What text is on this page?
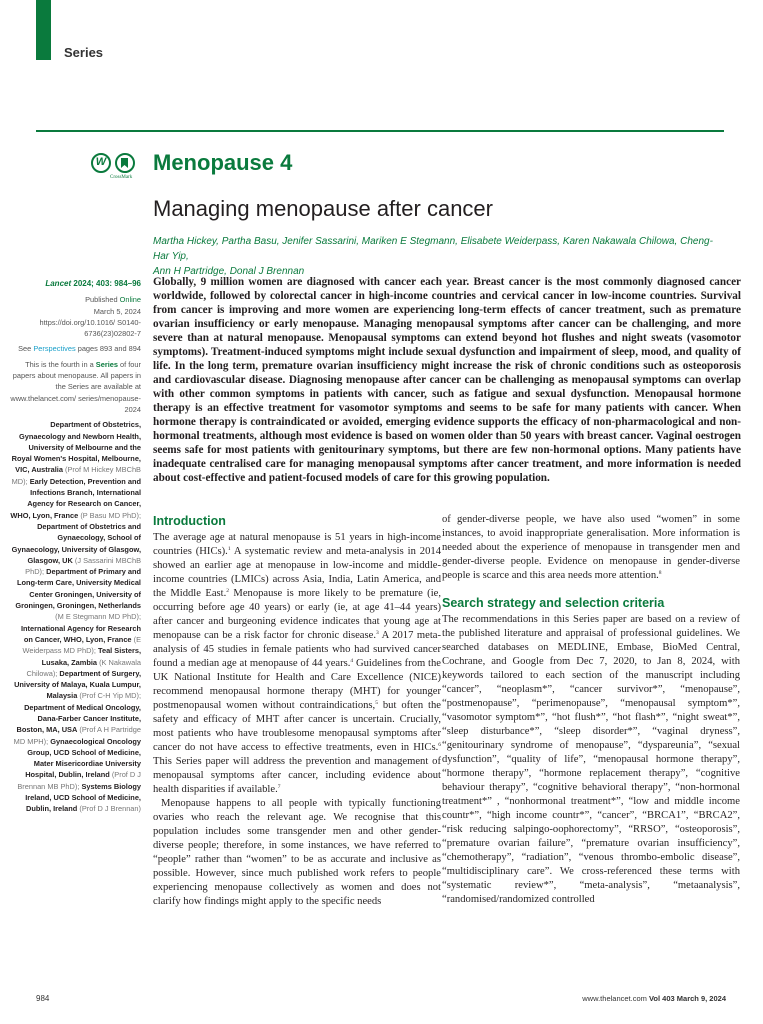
Series
W
CrossMark
Menopause 4
Managing menopause after cancer
Martha Hickey, Partha Basu, Jenifer Sassarini, Mariken E Stegmann, Elisabete Weiderpass, Karen Nakawala Chilowa, Cheng-Har Yip,
Ann H Partridge, Donal J Brennan

Lancet 2024; 403: 984–96

Published Online
March 5, 2024
https://doi.org/10.1016/ S0140-6736(23)02802-7

See Perspectives pages 893 and 894

This is the fourth in a Series of four papers about menopause. All papers in the Series are available at www.thelancet.com/ series/menopause-2024

Department of Obstetrics, Gynaecology and Newborn Health, University of Melbourne and the Royal Women's Hospital, Melbourne, VIC, Australia (Prof M Hickey MBChB MD); Early Detection, Prevention and Infections Branch, International Agency for Research on Cancer, WHO, Lyon, France (P Basu MD PhD); Department of Obstetrics and Gynaecology, School of Gynaecology, University of Glasgow, Glasgow, UK (J Sassarini MBChB PhD); Department of Primary and Long-term Care, University Medical Center Groningen, University of Groningen, Groningen, Netherlands (M E Stegmann MD PhD); International Agency for Research on Cancer, WHO, Lyon, France (E Weiderpass MD PhD); Teal Sisters, Lusaka, Zambia (K Nakawala Chilowa); Department of Surgery, University of Malaya, Kuala Lumpur, Malaysia (Prof C-H Yip MD); Department of Medical Oncology, Dana-Farber Cancer Institute, Boston, MA, USA (Prof A H Partridge MD MPH); Gynaecological Oncology Group, UCD School of Medicine, Mater Misericordiae University Hospital, Dublin, Ireland (Prof D J Brennan MB PhD); Systems Biology Ireland, UCD School of Medicine, Dublin, Ireland (Prof D J Brennan)

Globally, 9 million women are diagnosed with cancer each year. Breast cancer is the most commonly diagnosed cancer worldwide, followed by colorectal cancer in high-income countries and cervical cancer in low-income countries. Survival from cancer is improving and more women are experiencing long-term effects of cancer treatment, such as premature ovarian insufficiency or early menopause. Managing menopausal symptoms after cancer can be challenging, and more severe than at natural menopause. Menopausal symptoms can extend beyond hot flushes and night sweats (vasomotor symptoms). Treatment-induced symptoms might include sexual dysfunction and impairment of sleep, mood, and quality of life. In the long term, premature ovarian insufficiency might increase the risk of chronic conditions such as osteoporosis and cardiovascular disease. Diagnosing menopause after cancer can be challenging as menopausal symptoms can overlap with other common symptoms in patients with cancer, such as fatigue and sexual dysfunction. Menopausal hormone therapy is an effective treatment for vasomotor symptoms and seems to be safe for many patients with cancer. When hormone therapy is contraindicated or avoided, emerging evidence supports the efficacy of non-pharmacological and non-hormonal treatments, although most evidence is based on women older than 50 years with breast cancer. Vaginal oestrogen seems safe for most patients with genitourinary symptoms, but there are few non-hormonal options. Many patients have inadequate centralised care for managing menopausal symptoms after cancer treatment, and more information is needed about cost-effective and patient-focused models of care for this growing population.

Introduction

The average age at natural menopause is 51 years in high-income countries (HICs).$^1$ A systematic review and meta-analysis in 2014 showed an earlier age at menopause in low-income and middle-income countries (LMICs) across Asia, India, Latin America, and the Middle East.$^2$ Menopause is more likely to be premature (ie, occurring before age 40 years) or early (ie, at age 41–44 years) after cancer and burgeoning evidence indicates that young age at menopause can be a risk factor for chronic disease.$^3$ A 2017 meta-analysis of 45 studies in female patients who had survived cancer found a median age at menopause of 44 years.$^4$ Guidelines from the UK National Institute for Health and Care Excellence (NICE) recommend menopausal hormone therapy (MHT) for younger postmenopausal women without contraindications,$^5$ but often the safety and efficacy of MHT after cancer is uncertain. Crucially, most patients who have troublesome menopausal symptoms after cancer do not have access to effective treatments, even in HICs.$^6$ This Series paper will address the prevention and management of menopausal symptoms after cancer, including evidence about health disparities if available.$^7$

Menopause happens to all people with typically functioning ovaries who reach the relevant age. We recognise that this population includes some transgender men and other gender-diverse people; therefore, in some instances, we have referred to “people” rather than “women” to be as accurate and inclusive as possible. However, since much published work refers to people experiencing menopause collectively as women and does not clarify how findings might apply to the specific needs

of gender-diverse people, we have also used “women” in some instances, to avoid inappropriate generalisation. More information is needed about the experience of menopause in transgender men and gender-diverse people. Evidence on menopause in gender-diverse people is scarce and this area needs more attention.$^8$

Search strategy and selection criteria

The recommendations in this Series paper are based on a review of the published literature and appraisal of professional guidelines. We searched databases on MEDLINE, Embase, BioMed Central, Cochrane, and Google from Dec 7, 2020, to Jan 8, 2024, with keywords tailored to each section of the manuscript including “cancer”, “neoplasm*”, “cancer survivor*”, “menopause”, “postmenopause”, “perimenopause”, “menopausal symptom*”, “vasomotor symptom*”, “hot flush*”, “hot flash*”, “night sweat*”, “sleep disturbance*”, “sleep disorder*”, “vaginal dryness”, “genitourinary syndrome of menopause”, “dyspareunia”, “sexual dysfunction”, “quality of life”, “menopausal hormone therapy”, “hormone therapy”, “hormone replacement therapy”, “cognitive behaviour therapy”, “cognitive behavioral therapy”, “non-hormonal treatment*” , “nonhormonal treatment*”, “low and middle income countr*”, “high income countr*”, “cancer”, “BRCA1”, “BRCA2”, “risk reducing salpingo-oophorectomy”, “RRSO”, “osteoporosis”, “premature ovarian failure”, “premature ovarian insufficiency”, “chemotherapy”, “radiation”, “venous thrombo-embolic disease”, “multidisciplinary care”. We cross-referenced these terms with “systematic review*”, “meta-analysis”, “metaanalysis”, “randomised/randomized controlled

984	www.thelancet.com Vol 403 March 9, 2024
